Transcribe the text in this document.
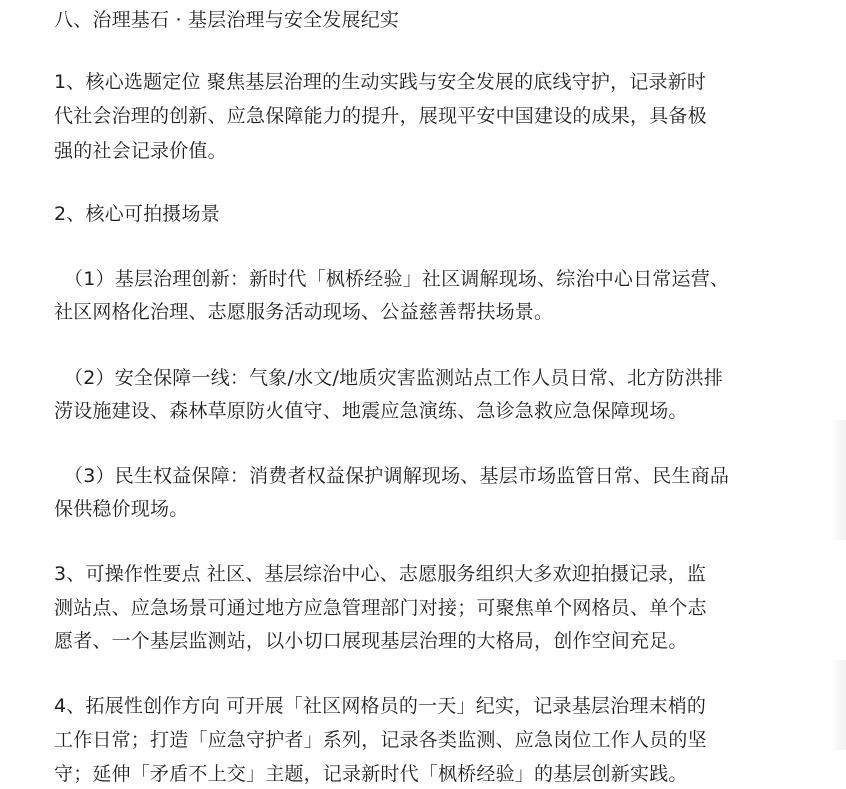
八、治理基石 · 基层治理与安全发展纪实
1、核心选题定位 聚焦基层治理的生动实践与安全发展的底线守护，记录新时
代社会治理的创新、应急保障能力的提升，展现平安中国建设的成果，具备极
强的社会记录价值。
2、核心可拍摄场景
（1）基层治理创新：新时代「枫桥经验」社区调解现场、综治中心日常运营、
社区网格化治理、志愿服务活动现场、公益慈善帮扶场景。
（2）安全保障一线：气象/水文/地质灾害监测站点工作人员日常、北方防洪排
涝设施建设、森林草原防火值守、地震应急演练、急诊急救应急保障现场。
（3）民生权益保障：消费者权益保护调解现场、基层市场监管日常、民生商品
保供稳价现场。
3、可操作性要点 社区、基层综治中心、志愿服务组织大多欢迎拍摄记录，监
测站点、应急场景可通过地方应急管理部门对接；可聚焦单个网格员、单个志
愿者、一个基层监测站，以小切口展现基层治理的大格局，创作空间充足。
4、拓展性创作方向 可开展「社区网格员的一天」纪实，记录基层治理末梢的
工作日常；打造「应急守护者」系列，记录各类监测、应急岗位工作人员的坚
守；延伸「矛盾不上交」主题，记录新时代「枫桥经验」的基层创新实践。
